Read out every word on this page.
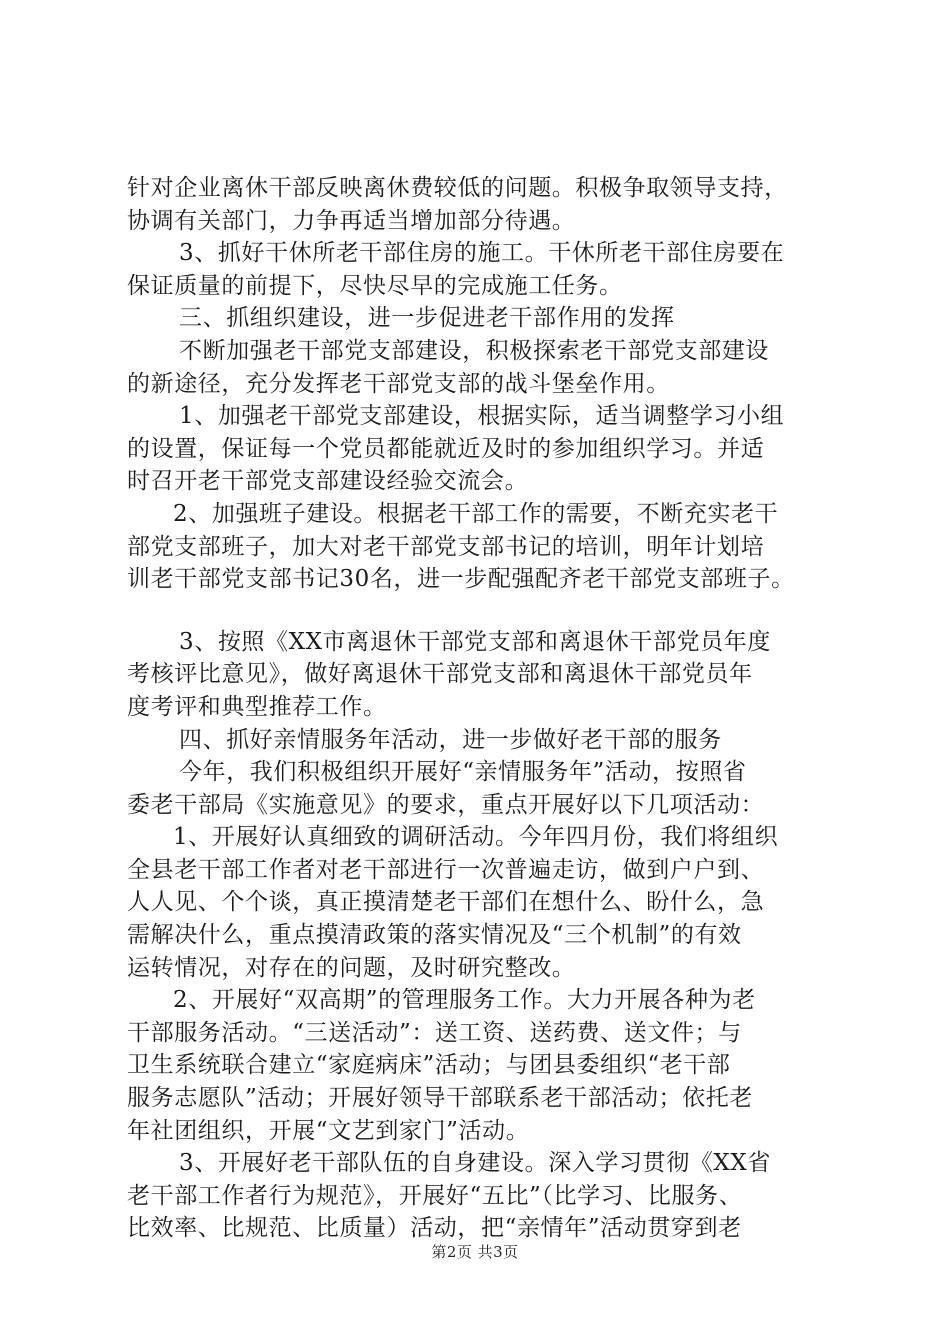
针对企业离休干部反映离休费较低的问题。积极争取领导支持，
协调有关部门，力争再适当增加部分待遇。
3、抓好干休所老干部住房的施工。干休所老干部住房要在
保证质量的前提下，尽快尽早的完成施工任务。
三、抓组织建设，进一步促进老干部作用的发挥
不断加强老干部党支部建设，积极探索老干部党支部建设
的新途径，充分发挥老干部党支部的战斗堡垒作用。
1、加强老干部党支部建设，根据实际，适当调整学习小组
的设置，保证每一个党员都能就近及时的参加组织学习。并适
时召开老干部党支部建设经验交流会。
2、加强班子建设。根据老干部工作的需要，不断充实老干
部党支部班子，加大对老干部党支部书记的培训，明年计划培
训老干部党支部书记30名，进一步配强配齐老干部党支部班子。
3、按照《XX市离退休干部党支部和离退休干部党员年度
考核评比意见》，做好离退休干部党支部和离退休干部党员年
度考评和典型推荐工作。
四、抓好亲情服务年活动，进一步做好老干部的服务
今年，我们积极组织开展好“亲情服务年”活动，按照省
委老干部局《实施意见》的要求，重点开展好以下几项活动：
1、开展好认真细致的调研活动。今年四月份，我们将组织
全县老干部工作者对老干部进行一次普遍走访，做到户户到、
人人见、个个谈，真正摸清楚老干部们在想什么、盼什么，急
需解决什么，重点摸清政策的落实情况及“三个机制”的有效
运转情况，对存在的问题，及时研究整改。
2、开展好“双高期”的管理服务工作。大力开展各种为老
干部服务活动。“三送活动”：送工资、送药费、送文件；与
卫生系统联合建立“家庭病床”活动；与团县委组织“老干部
服务志愿队”活动；开展好领导干部联系老干部活动；依托老
年社团组织，开展“文艺到家门”活动。
3、开展好老干部队伍的自身建设。深入学习贯彻《XX省
老干部工作者行为规范》，开展好“五比”（比学习、比服务、
比效率、比规范、比质量）活动，把“亲情年”活动贯穿到老
第2页 共3页
